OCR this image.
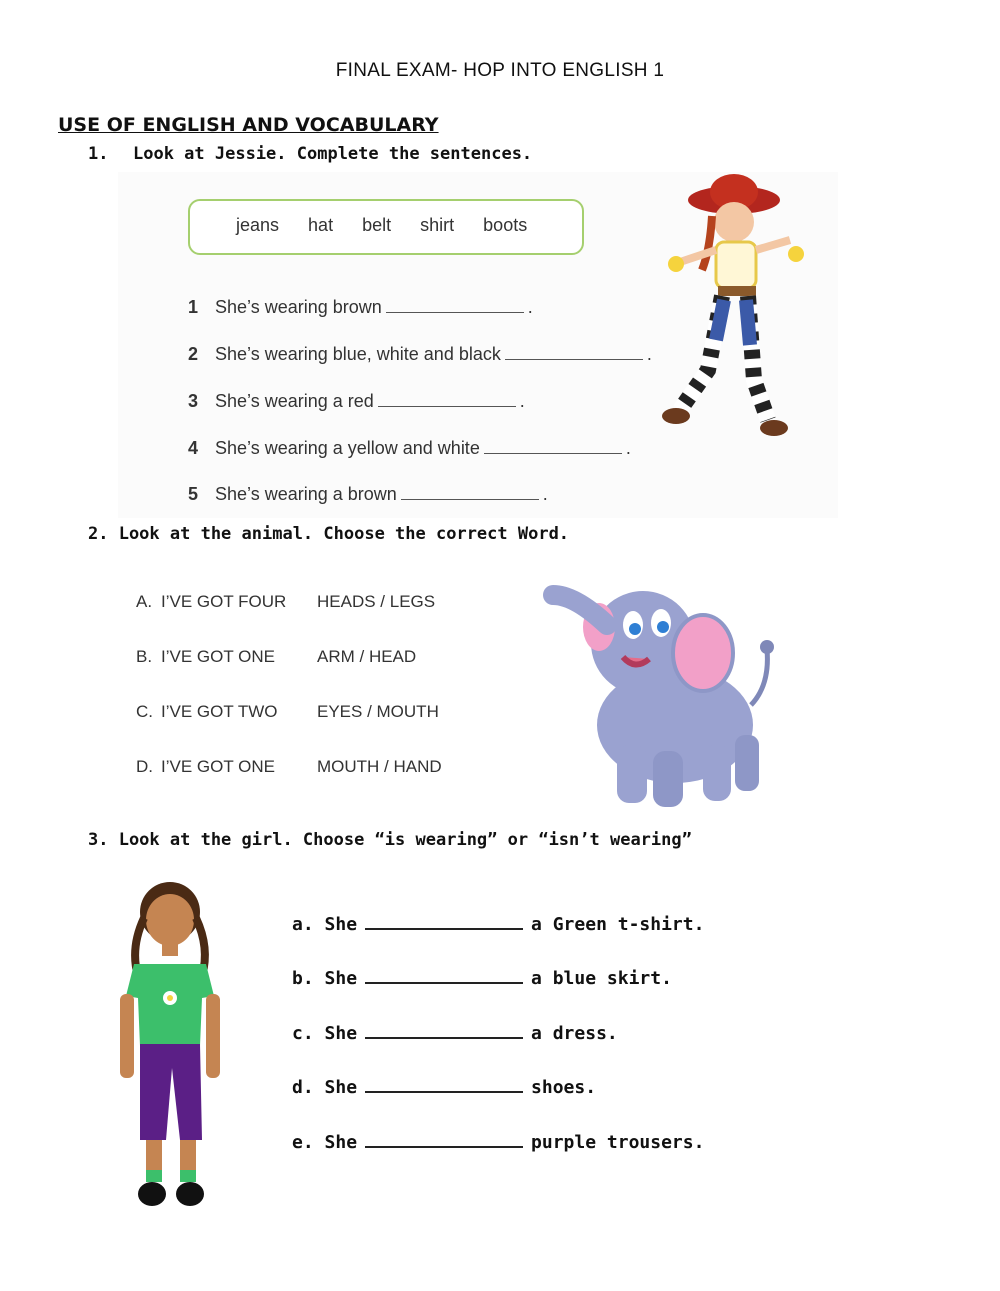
FINAL EXAM- HOP INTO ENGLISH 1
USE OF ENGLISH AND VOCABULARY
1. Look at Jessie. Complete the sentences.
jeans hat belt shirt boots
1 She’s wearing brown	.
2 She’s wearing blue, white and black	.
3 She’s wearing a red	.
4 She’s wearing a yellow and white	.
5 She’s wearing a brown	.
2. Look at the animal. Choose the correct Word.
A. I’VE GOT FOUR HEADS / LEGS
B. I’VE GOT ONE ARM / HEAD
C. I’VE GOT TWO EYES / MOUTH
D. I’VE GOT ONE MOUTH / HAND
3. Look at the girl. Choose “is wearing” or “isn’t wearing”
a. She	a Green t-shirt.
b. She	a blue skirt.
c. She	a dress.
d. She	shoes.
e. She	purple trousers.
